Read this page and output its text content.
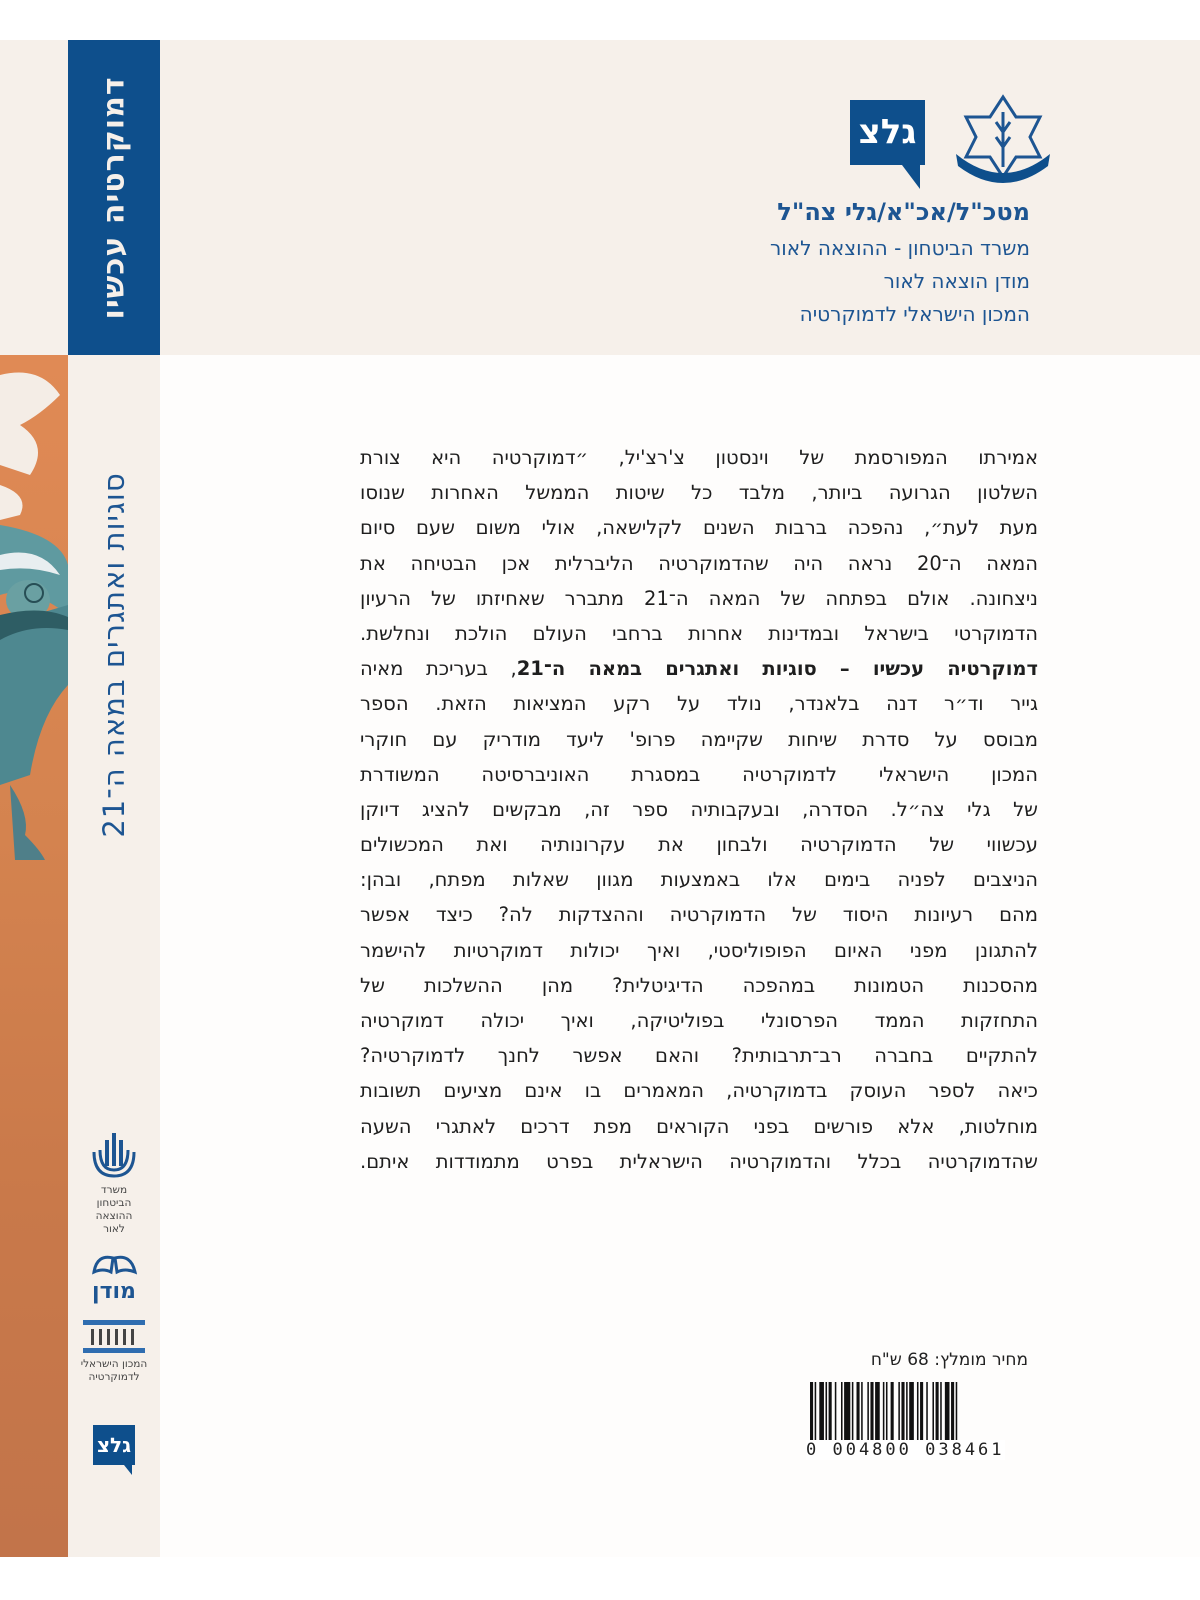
דמוקרטיה עכשיו
סוגיות ואתגרים במאה ה־21
משרד הביטחון ההוצאה לאור
מודן
המכון הישראלי לדמוקרטיה
גלצ
גלצ
מטכ"ל/אכ"א/גלי צה"ל
משרד הביטחון - ההוצאה לאור
מודן הוצאה לאור
המכון הישראלי לדמוקרטיה
אמירתו המפורסמת של וינסטון צ'רצ'יל, ״דמוקרטיה היא צורת
השלטון הגרועה ביותר, מלבד כל שיטות הממשל האחרות שנוסו
מעת לעת״, נהפכה ברבות השנים לקלישאה, אולי משום שעם סיום
המאה ה־20 נראה היה שהדמוקרטיה הליברלית אכן הבטיחה את
ניצחונה. אולם בפתחה של המאה ה־21 מתברר שאחיזתו של הרעיון
הדמוקרטי בישראל ובמדינות אחרות ברחבי העולם הולכת ונחלשת.
דמוקרטיה עכשיו – סוגיות ואתגרים במאה ה־21, בעריכת מאיה
גייר וד״ר דנה בלאנדר, נולד על רקע המציאות הזאת. הספר
מבוסס על סדרת שיחות שקיימה פרופ' ליעד מודריק עם חוקרי
המכון הישראלי לדמוקרטיה במסגרת האוניברסיטה המשודרת
של גלי צה״ל. הסדרה, ובעקבותיה ספר זה, מבקשים להציג דיוקן
עכשווי של הדמוקרטיה ולבחון את עקרונותיה ואת המכשולים
הניצבים לפניה בימים אלו באמצעות מגוון שאלות מפתח, ובהן:
מהם רעיונות היסוד של הדמוקרטיה וההצדקות לה? כיצד אפשר
להתגונן מפני האיום הפופוליסטי, ואיך יכולות דמוקרטיות להישמר
מהסכנות הטמונות במהפכה הדיגיטלית? מהן ההשלכות של
התחזקות הממד הפרסונלי בפוליטיקה, ואיך יכולה דמוקרטיה
להתקיים בחברה רב־תרבותית? והאם אפשר לחנך לדמוקרטיה?
כיאה לספר העוסק בדמוקרטיה, המאמרים בו אינם מציעים תשובות
מוחלטות, אלא פורשים בפני הקוראים מפת דרכים לאתגרי השעה
שהדמוקרטיה בכלל והדמוקרטיה הישראלית בפרט מתמודדות איתם.
מחיר מומלץ: 68 ש"ח
0 004800 038461
